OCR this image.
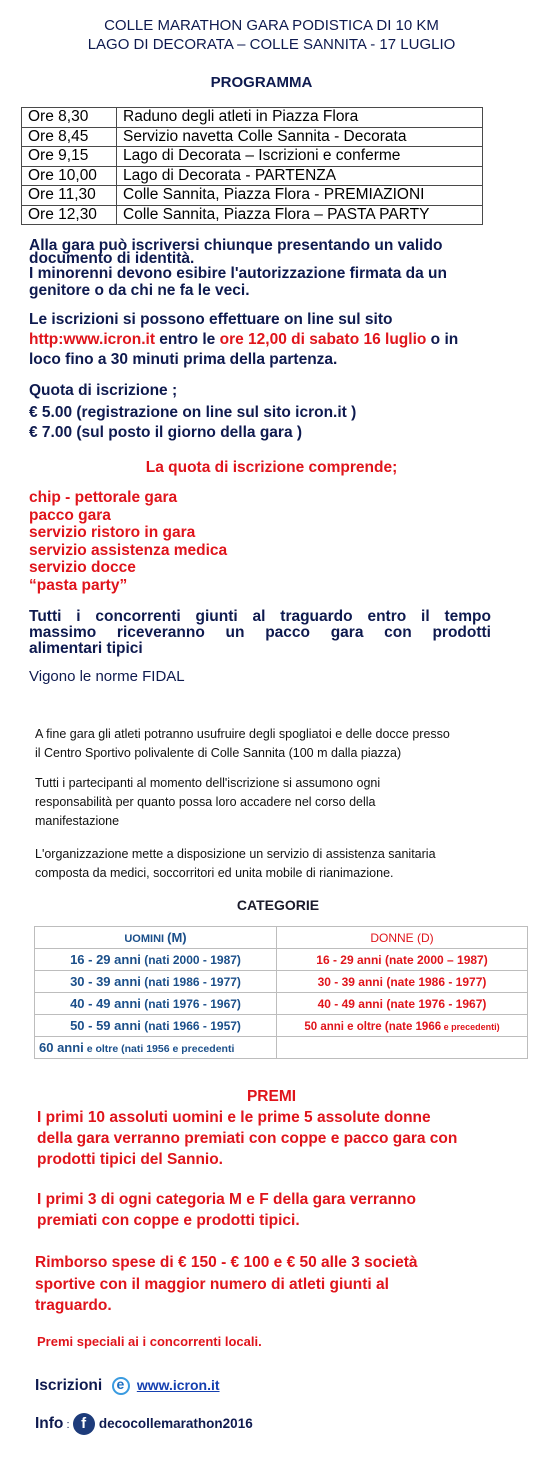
COLLE MARATHON GARA PODISTICA DI 10 KM
LAGO DI DECORATA – COLLE SANNITA - 17 LUGLIO
PROGRAMMA
Ore 8,30	Raduno degli atleti in Piazza Flora
Ore 8,45	Servizio navetta Colle Sannita - Decorata
Ore 9,15	Lago di Decorata – Iscrizioni e conferme
Ore 10,00	Lago di Decorata - PARTENZA
Ore 11,30	Colle Sannita, Piazza Flora - PREMIAZIONI
Ore 12,30	Colle Sannita, Piazza Flora – PASTA PARTY
Alla gara può iscriversi chiunque presentando un valido
documento di identità.
I minorenni devono esibire l'autorizzazione firmata da un
genitore o da chi ne fa le veci.
Le iscrizioni si possono effettuare on line sul sito
http:www.icron.it entro le ore 12,00 di sabato 16 luglio o in
loco fino a 30 minuti prima della partenza.
Quota di iscrizione ;
€ 5.00 (registrazione on line sul sito icron.it )
€ 7.00 (sul posto il giorno della gara )
La quota di iscrizione comprende;
chip - pettorale gara
pacco gara
servizio ristoro in gara
servizio assistenza medica
servizio docce
“pasta party”
Tutti i concorrenti giunti al traguardo entro il tempo
massimo riceveranno un pacco gara con prodotti
alimentari tipici
Vigono le norme FIDAL
A fine gara gli atleti potranno usufruire degli spogliatoi e delle docce presso
il Centro Sportivo polivalente di Colle Sannita (100 m dalla piazza)
Tutti i partecipanti al momento dell'iscrizione si assumono ogni
responsabilità per quanto possa loro accadere nel corso della
manifestazione
L'organizzazione mette a disposizione un servizio di assistenza sanitaria
composta da medici, soccorritori ed unita mobile di rianimazione.
CATEGORIE
UOMINI (M)	DONNE (D)
16 - 29 anni (nati 2000 - 1987)	16 - 29 anni (nate 2000 – 1987)
30 - 39 anni (nati 1986 - 1977)	30 - 39 anni (nate 1986 - 1977)
40 - 49 anni (nati 1976 - 1967)	40 - 49 anni (nate 1976 - 1967)
50 - 59 anni (nati 1966 - 1957)	50 anni e oltre (nate 1966 e precedenti)
60 anni e oltre (nati 1956 e precedenti	
PREMI
I primi 10 assoluti uomini e le prime 5 assolute donne
della gara verranno premiati con coppe e pacco gara con
prodotti tipici del Sannio.
I primi 3 di ogni categoria M e F della gara verranno
premiati con coppe e prodotti tipici.
Rimborso spese di € 150 - € 100 e € 50 alle 3 società
sportive con il maggior numero di atleti giunti al
traguardo.
Premi speciali ai i concorrenti locali.
Iscrizioni e www.icron.it
Info : f decocollemarathon2016
